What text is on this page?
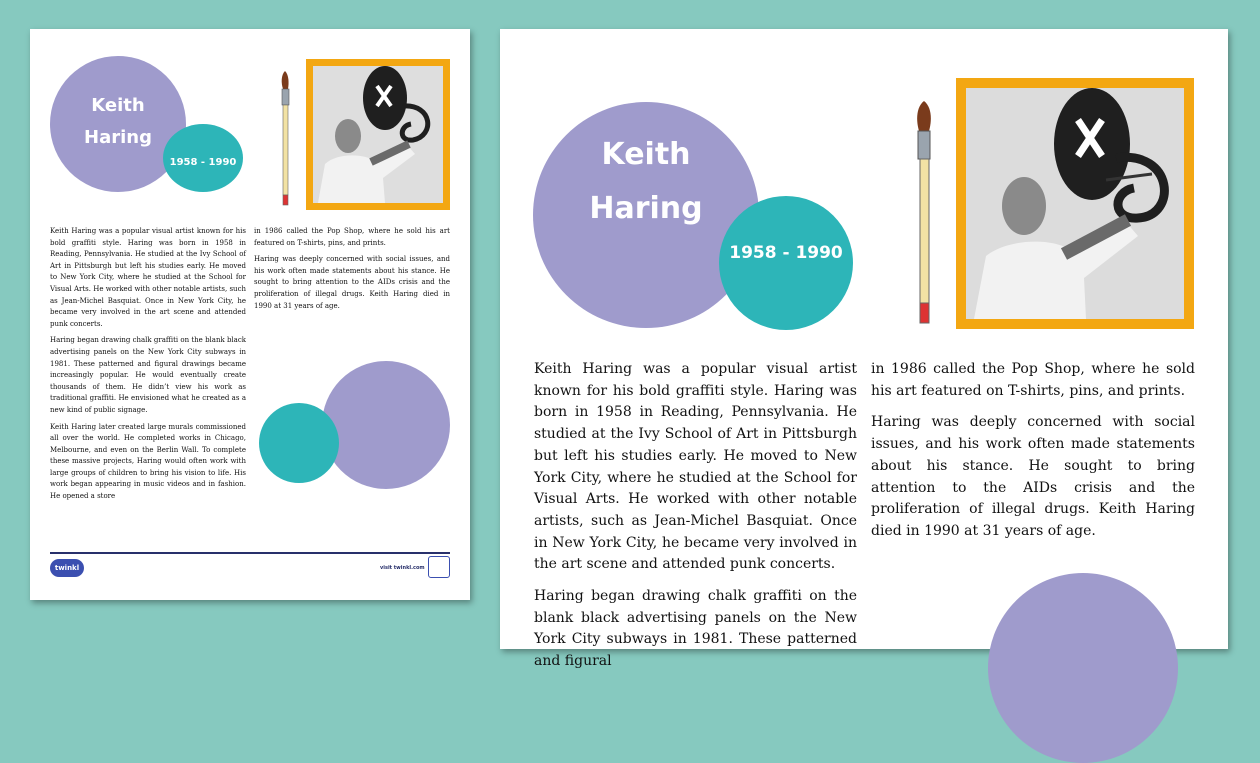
Keith
Haring
1958 - 1990

Keith Haring was a popular visual artist known for his bold graffiti style. Haring was born in 1958 in Reading, Pennsylvania. He studied at the Ivy School of Art in Pittsburgh but left his studies early. He moved to New York City, where he studied at the School for Visual Arts. He worked with other notable artists, such as Jean-Michel Basquiat. Once in New York City, he became very involved in the art scene and attended punk concerts.

Haring began drawing chalk graffiti on the blank black advertising panels on the New York City subways in 1981. These patterned and figural drawings became increasingly popular. He would eventually create thousands of them. He didn’t view his work as traditional graffiti. He envisioned what he created as a new kind of public signage.

Keith Haring later created large murals commissioned all over the world. He completed works in Chicago, Melbourne, and even on the Berlin Wall. To complete these massive projects, Haring would often work with large groups of children to bring his vision to life. His work began appearing in music videos and in fashion. He opened a store

in 1986 called the Pop Shop, where he sold his art featured on T-shirts, pins, and prints.

Haring was deeply concerned with social issues, and his work often made statements about his stance. He sought to bring attention to the AIDs crisis and the proliferation of illegal drugs. Keith Haring died in 1990 at 31 years of age.

twinkl	visit twinkl.com
Keith
Haring
1958 - 1990

Keith Haring was a popular visual artist known for his bold graffiti style. Haring was born in 1958 in Reading, Pennsylvania. He studied at the Ivy School of Art in Pittsburgh but left his studies early. He moved to New York City, where he studied at the School for Visual Arts. He worked with other notable artists, such as Jean-Michel Basquiat. Once in New York City, he became very involved in the art scene and attended punk concerts.

Haring began drawing chalk graffiti on the blank black advertising panels on the New York City subways in 1981. These patterned and figural

in 1986 called the Pop Shop, where he sold his art featured on T-shirts, pins, and prints.

Haring was deeply concerned with social issues, and his work often made statements about his stance. He sought to bring attention to the AIDs crisis and the proliferation of illegal drugs. Keith Haring died in 1990 at 31 years of age.
